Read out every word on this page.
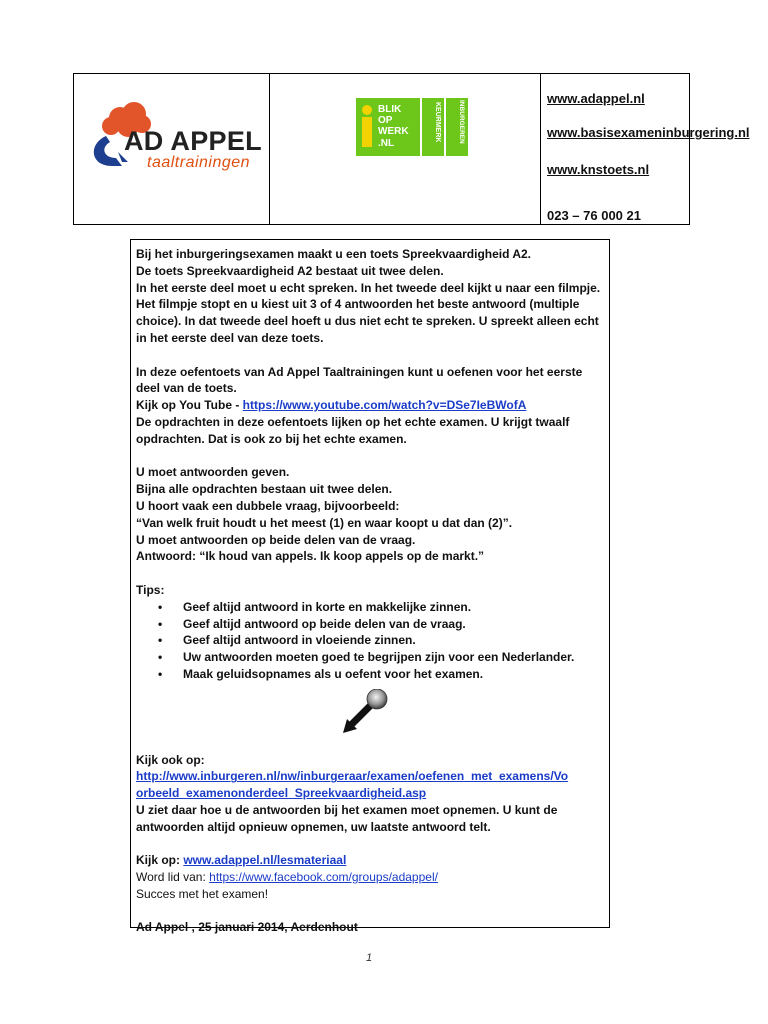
AD APPEL
taaltrainingen
BLIK
OP
WERK
.NL
KEURMERK	INBURGEREN
www.adappel.nl
www.basisexameninburgering.nl
www.knstoets.nl
023 – 76 000 21

Bij het inburgeringsexamen maakt u een toets Spreekvaardigheid A2.

De toets Spreekvaardigheid A2 bestaat uit twee delen.

In het eerste deel moet u echt spreken. In het tweede deel kijkt u naar een filmpje. Het filmpje stopt en u kiest uit 3 of 4 antwoorden het beste antwoord (multiple choice). In dat tweede deel hoeft u dus niet echt te spreken. U spreekt alleen echt in het eerste deel van deze toets.

In deze oefentoets van Ad Appel Taaltrainingen kunt u oefenen voor het eerste deel van de toets.

Kijk op You Tube - https://www.youtube.com/watch?v=DSe7IeBWofA

De opdrachten in deze oefentoets lijken op het echte examen. U krijgt twaalf opdrachten. Dat is ook zo bij het echte examen.

U moet antwoorden geven.

Bijna alle opdrachten bestaan uit twee delen.

U hoort vaak een dubbele vraag, bijvoorbeeld:

“Van welk fruit houdt u het meest (1) en waar koopt u dat dan (2)”.

U moet antwoorden op beide delen van de vraag.

Antwoord: “Ik houd van appels. Ik koop appels op de markt.”

Tips:

• Geef altijd antwoord in korte en makkelijke zinnen.
• Geef altijd antwoord op beide delen van de vraag.
• Geef altijd antwoord in vloeiende zinnen.
• Uw antwoorden moeten goed te begrijpen zijn voor een Nederlander.
• Maak geluidsopnames als u oefent voor het examen.

Kijk ook op:

http://www.inburgeren.nl/nw/inburgeraar/examen/oefenen_met_examens/Vo

orbeeld_examenonderdeel_Spreekvaardigheid.asp

U ziet daar hoe u de antwoorden bij het examen moet opnemen. U kunt de antwoorden altijd opnieuw opnemen, uw laatste antwoord telt.

Kijk op: www.adappel.nl/lesmateriaal

Word lid van: https://www.facebook.com/groups/adappel/

Succes met het examen!

Ad Appel , 25 januari 2014, Aerdenhout

1
